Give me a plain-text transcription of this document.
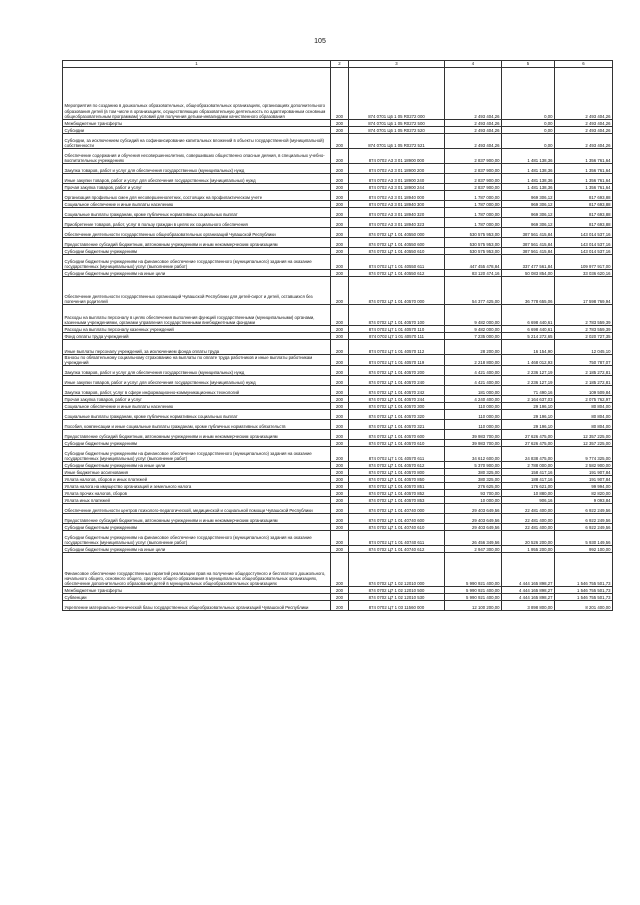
105
1	2	3	4	5	6
Мероприятия по созданию в дошкольных образовательных, общеобразовательных организациях, организациях дополнительного образования детей (в том числе в организациях, осуществляющих образовательную деятельность по адаптированным основным общеобразовательным программам) условий для получения детьми-инвалидами качественного образования	200	874 0701 Ц6 1 05 R0272 000	2 493 404,26	0,00	2 493 404,26
Межбюджетные трансферты	200	874 0701 Ц6 1 05 R0272 500	2 493 404,26	0,00	2 493 404,26
Субсидии	200	874 0701 Ц6 1 05 R0272 520	2 493 404,26	0,00	2 493 404,26
Субсидии, за исключением субсидий на софинансирование капитальных вложений в объекты государственной (муниципальной) собственности	200	874 0701 Ц6 1 05 R0272 521	2 493 404,26	0,00	2 493 404,26
Обеспечение содержания и обучения несовершеннолетних, совершивших общественно опасные деяния, в специальных учебно-воспитательных учреждениях	200	874 0702 А3 3 01 18900 000	2 837 900,00	1 481 138,36	1 356 761,64
Закупка товаров, работ и услуг для обеспечения государственных (муниципальных) нужд	200	874 0702 А3 3 01 18900 200	2 837 900,00	1 481 138,36	1 356 761,64
Иные закупки товаров, работ и услуг для обеспечения государственных (муниципальных) нужд	200	874 0702 А3 3 01 18900 240	2 837 900,00	1 481 138,36	1 356 761,64
Прочая закупка товаров, работ и услуг	200	874 0702 А3 3 01 18900 244	2 837 900,00	1 481 138,36	1 356 761,64
Организация профильных смен для несовершеннолетних, состоящих на профилактическом учете	200	874 0702 А3 3 01 18940 000	1 787 000,00	969 306,12	817 693,88
Социальное обеспечение и иные выплаты населению	200	874 0702 А3 3 01 18940 300	1 787 000,00	969 306,12	817 693,88
Социальные выплаты гражданам, кроме публичных нормативных социальных выплат	200	874 0702 А3 3 01 18940 320	1 787 000,00	969 306,12	817 693,88
Приобретение товаров, работ, услуг в пользу граждан в целях их социального обеспечения	200	874 0702 А3 3 01 18940 323	1 787 000,00	969 306,12	817 693,88
Обеспечение деятельности государственных общеобразовательных организаций Чувашской Республики	200	874 0702 Ц7 1 01 40550 000	530 575 953,00	387 561 415,84	143 014 537,16
Предоставление субсидий бюджетным, автономным учреждениям и иным некоммерческим организациям	200	874 0702 Ц7 1 01 40550 600	530 575 953,00	387 561 415,84	143 014 537,16
Субсидии бюджетным учреждениям	200	874 0702 Ц7 1 01 40550 610	530 575 953,00	387 561 415,84	143 014 537,16
Субсидии бюджетным учреждениям на финансовое обеспечение государственного (муниципального) задания на оказание государственных (муниципальных) услуг (выполнение работ)	200	874 0702 Ц7 1 01 40550 611	447 455 478,84	337 477 561,84	109 977 917,00
Субсидии бюджетным учреждениям на иные цели	200	874 0702 Ц7 1 01 40550 612	83 120 474,16	50 083 854,00	33 036 620,16
Обеспечение деятельности государственных организаций Чувашской Республики для детей-сирот и детей, оставшихся без попечения родителей	200	874 0702 Ц7 1 01 40570 000	54 377 425,00	36 778 655,06	17 598 769,94
Расходы на выплаты персоналу в целях обеспечения выполнения функций государственными (муниципальными) органами, казенными учреждениями, органами управления государственными внебюджетными фондами	200	874 0702 Ц7 1 01 40570 100	9 482 000,00	6 698 440,61	2 783 559,39
Расходы на выплаты персоналу казенных учреждений	200	874 0702 Ц7 1 01 40570 110	9 482 000,00	6 698 440,61	2 783 559,39
Фонд оплаты труда учреждений	200	874 0702 Ц7 1 01 40570 111	7 235 000,00	5 214 272,65	2 020 727,35
Иные выплаты персоналу учреждений, за исключением фонда оплаты труда	200	874 0702 Ц7 1 01 40570 112	28 200,00	16 154,90	12 045,10
Взносы по обязательному социальному страхованию на выплаты по оплате труда работников и иные выплаты работникам учреждений	200	874 0702 Ц7 1 01 40570 119	2 218 800,00	1 468 012,93	750 787,07
Закупка товаров, работ и услуг для обеспечения государственных (муниципальных) нужд	200	874 0702 Ц7 1 01 40570 200	4 421 400,00	2 236 127,19	2 185 272,81
Иные закупки товаров, работ и услуг для обеспечения государственных (муниципальных) нужд	200	874 0702 Ц7 1 01 40570 240	4 421 400,00	2 236 127,19	2 185 272,81
Закупка товаров, работ, услуг в сфере информационно-коммуникационных технологий	200	874 0702 Ц7 1 01 40570 242	181 000,00	71 490,16	109 509,84
Прочая закупка товаров, работ и услуг	200	874 0702 Ц7 1 01 40570 244	4 240 400,00	2 164 637,03	2 075 762,97
Социальное обеспечение и иные выплаты населению	200	874 0702 Ц7 1 01 40570 300	110 000,00	29 196,10	80 804,00
Социальные выплаты гражданам, кроме публичных нормативных социальных выплат	200	874 0702 Ц7 1 01 40570 320	110 000,00	29 196,10	80 804,00
Пособия, компенсации и иные социальные выплаты гражданам, кроме публичных нормативных обязательств	200	874 0702 Ц7 1 01 40570 321	110 000,00	29 196,10	80 804,00
Предоставление субсидий бюджетным, автономным учреждениям и иным некоммерческим организациям	200	874 0702 Ц7 1 01 40570 600	39 983 700,00	27 626 475,00	12 357 225,00
Субсидии бюджетным учреждениям	200	874 0702 Ц7 1 01 40570 610	39 983 700,00	27 626 475,00	12 357 225,00
Субсидии бюджетным учреждениям на финансовое обеспечение государственного (муниципального) задания на оказание государственных (муниципальных) услуг (выполнение работ)	200	874 0702 Ц7 1 01 40570 611	34 612 600,00	24 838 475,00	9 774 325,00
Субсидии бюджетным учреждениям на иные цели	200	874 0702 Ц7 1 01 40570 612	5 370 900,00	2 788 000,00	2 582 900,00
Иные бюджетные ассигнования	200	874 0702 Ц7 1 01 40570 800	380 325,00	158 417,16	191 907,84
Уплата налогов, сборов и иных платежей	200	874 0702 Ц7 1 01 40570 850	380 325,00	188 417,16	191 907,84
Уплата налога на имущество организаций и земельного налога	200	874 0702 Ц7 1 01 40570 851	276 625,00	176 621,00	99 994,00
Уплата прочих налогов, сборов	200	874 0702 Ц7 1 01 40570 852	93 700,00	10 880,00	82 820,00
Уплата иных платежей	200	874 0702 Ц7 1 01 40570 853	10 000,00	906,16	9 093,84
Обеспечение деятельности центров психолого-педагогической, медицинской и социальной помощи Чувашской Республики	200	874 0702 Ц7 1 01 40740 000	29 403 649,56	22 481 400,00	6 922 249,56
Предоставление субсидий бюджетным, автономным учреждениям и иным некоммерческим организациям	200	874 0702 Ц7 1 01 40740 600	29 403 649,56	22 481 400,00	6 922 249,56
Субсидии бюджетным учреждениям	200	874 0702 Ц7 1 01 40740 610	29 403 649,56	22 481 400,00	6 922 249,56
Субсидии бюджетным учреждениям на финансовое обеспечение государственного (муниципального) задания на оказание государственных (муниципальных) услуг (выполнение работ)	200	874 0702 Ц7 1 01 40740 611	26 456 349,56	20 526 200,00	5 930 149,56
Субсидии бюджетным учреждениям на иные цели	200	874 0702 Ц7 1 01 40740 612	2 947 300,00	1 955 200,00	992 100,00
Финансовое обеспечение государственных гарантий реализации прав на получение общедоступного и бесплатного дошкольного, начального общего, основного общего, среднего общего образования в муниципальных общеобразовательных организациях, обеспечение дополнительного образования детей в муниципальных общеобразовательных организациях	200	874 0702 Ц7 1 02 12010 000	5 990 921 400,00	4 444 165 898,27	1 546 755 501,73
Межбюджетные трансферты	200	874 0702 Ц7 1 02 12010 500	5 990 921 400,00	4 444 165 898,27	1 546 755 501,73
Субвенции	200	874 0702 Ц7 1 02 12010 530	5 990 921 400,00	4 444 165 898,27	1 546 755 501,73
Укрепление материально-технической базы государственных общеобразовательных организаций Чувашской Республики	200	874 0702 Ц7 1 03 11560 000	12 100 200,00	3 898 800,00	8 201 400,00
